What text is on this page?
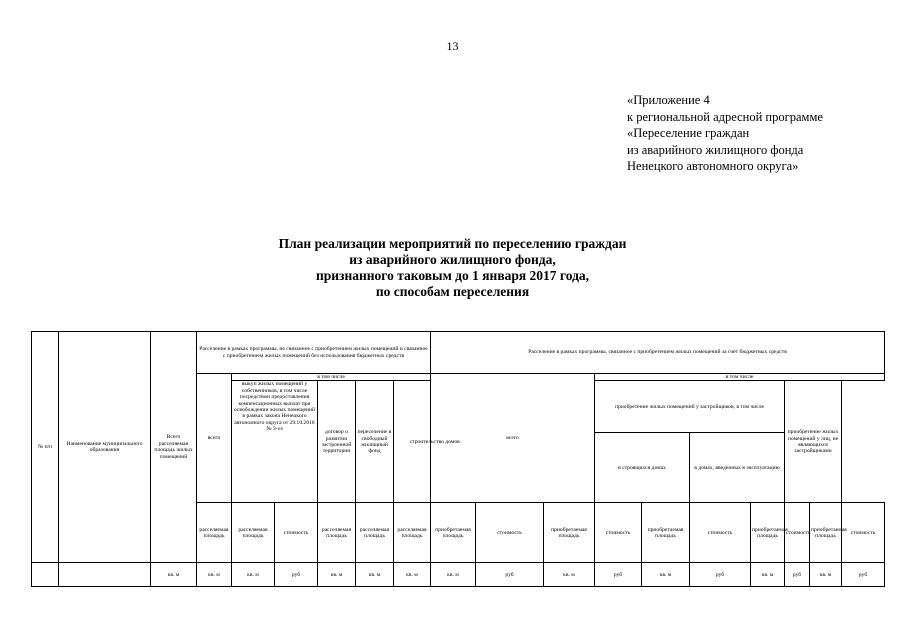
13
«Приложение 4
к региональной адресной программе
«Переселение граждан
из аварийного жилищного фонда
Ненецкого автономного округа»
План реализации мероприятий по переселению граждан
из аварийного жилищного фонда,
признанного таковым до 1 января 2017 года,
по способам переселения
№ п/п	Наименование муниципального образования	Всего расселяемая площадь жилых помещений	Расселение в рамках программы, не связанное с приобретением жилых помещений и связанное с приобретением жилых помещений без использования бюджетных средств						Расселение в рамках программы, связанное с приобретением жилых помещений за счет бюджетных средств									
			всего	в том числе					всего			в том числе						
				выкуп жилых помещений у собственников, в том числе посредством предоставления компенсационных выплат при освобождении жилых помещений в рамках закона Ненецкого автономного округа от 29.10.2018 № 3-оз		договор о развитии застроенной территории	переселение в свободный жилищный фонд	строительство домов				приобретение жилых помещений у застройщиков, в том числе				приобретение жилых помещений у лиц, не являющихся застройщиками		
												в строящихся домах		в домах, введенных в эксплуатацию				
			расселяемая площадь	расселяемая площадь	стоимость	расселяемая площадь	расселяемая площадь	расселяемая площадь	приобретаемая площадь	стоимость	приобретаемая площадь	стоимость	приобретаемая площадь	стоимость	приобретаемая площадь	стоимость	приобретаемая площадь	стоимость
		кв. м	кв. м	кв. м	руб	кв. м	кв. м	кв. м	кв. м	руб	кв. м	руб	кв. м	руб	кв. м	руб	кв. м	руб
